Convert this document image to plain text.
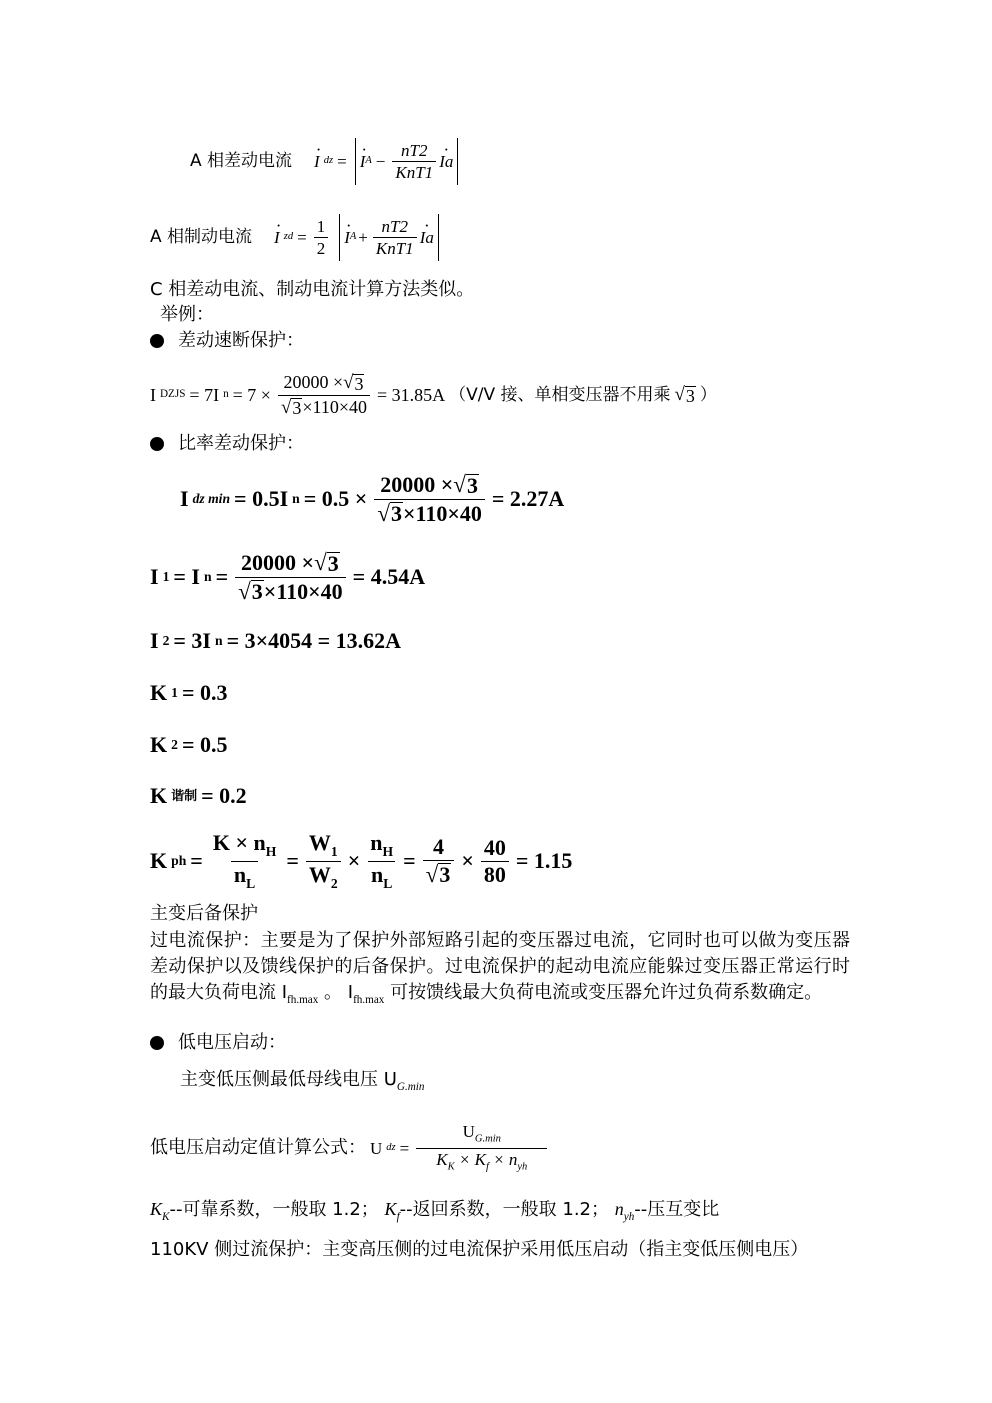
A 相差动电流
· I dz =
· I $A - \frac{nT2}{\text{KnT1}}$
· Ia
A 相制动电流
· I zd = $\frac{1}{2}$
· I $A + \frac{nT2}{\text{KnT1}}$
· Ia
C 相差动电流、制动电流计算方法类似。
举例：
差动速断保护：
I DZJS = 7I $n = 7 \times \frac{20000 \times √ 3}{√ 3 \times 110\times 40} = 31.85A$ （V/V 接、单相变压器不用乘 √ 3 ）
比率差动保护：
I dz min = 0.5I $n = 0.5 \times \frac{20000 \times √ 3}{√ 3 \times 110\times 40} = 2.27A$
I 1 = I $n = \frac{20000 \times √ 3}{√ 3 \times 110\times 40} = 4.54A$
I 2 = 3I n = 3×4054 = 13.62A
K 1 = 0.3
K 2 = 0.5
K 谐制 = 0.2
K ph = $\frac{K \times n_H}{n_L} = \frac{W_1}{W_2} \times \frac{n_H}{n_L} = \frac{4}{√ 3} \times \frac{40}{80} = 1.15$
主变后备保护
过电流保护：主要是为了保护外部短路引起的变压器过电流，它同时也可以做为变压器差动保护以及馈线保护的后备保护。过电流保护的起动电流应能躲过变压器正常运行时的最大负荷电流 $I_{fh.max}$ 。 $I_{fh.max}$ 可按馈线最大负荷电流或变压器允许过负荷系数确定。
低电压启动：
主变低压侧最低母线电压 $U_{G.min}$
低电压启动定值计算公式： U dz = $\frac{U_{G.min}}{K_K \times K_f \times n_{yh}}$
$K_K--$可靠系数，一般取 1.2； $K_f--$返回系数，一般取 1.2； $n_{yh}--$压互变比
110KV 侧过流保护：主变高压侧的过电流保护采用低压启动（指主变低压侧电压）
